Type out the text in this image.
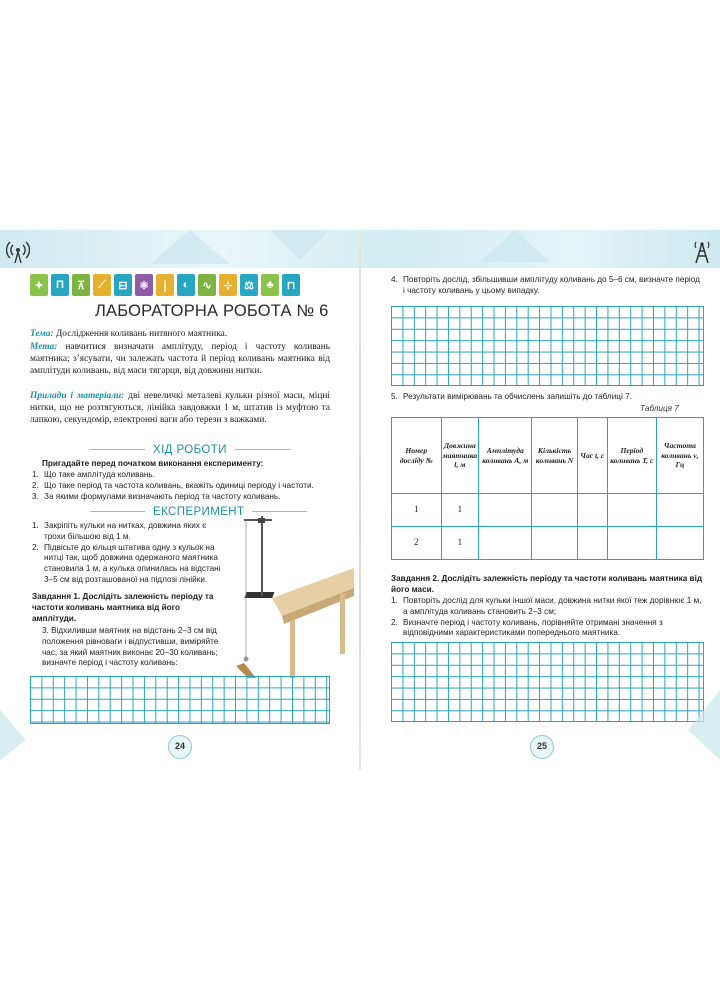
✦	Π	⊼	⟋	⊟	⚛	❘	◐	∿	⊹	⚖	♣	⊓
ЛАБОРАТОРНА РОБОТА № 6
Тема: Дослідження коливань нитяного маятника.
Мета: навчитися визначати амплітуду, період і частоту коливань маятника; з’ясувати, чи залежать частота й період коливань маятника від амплітуди коливань, від маси тягарця, від довжини нитки.
Прилади і матеріали: дві невеличкі металеві кульки різної маси, міцні нитки, що не розтягуються, лінійка завдовжки 1 м, штатив із муфтою та лапкою, секундомір, електронні ваги або терези з важками.
ХІД РОБОТИ
Пригадайте перед початком виконання експерименту:
1. Що таке амплітуда коливань.
2. Що таке період та частота коливань, вкажіть одиниці періоду і частоти.
3. За якими формулами визначають період та частоту коливань.
ЕКСПЕРИМЕНТ
1. Закріпіть кульки на нитках, довжина яких є трохи більшою від 1 м.
2. Підвісьте до кільця штатива одну з кульок на нитці так, щоб довжина одержаного маятника становила 1 м, а кулька опинилась на відстані 3–5 см від розташованої на підлозі лінійки.
Завдання 1. Дослідіть залежність періоду та частоти коливань маятника від його амплітуди.
3. Відхиливши маятник на відстань 2–3 см від положення рівноваги і відпустивши, виміряйте час, за який маятник виконає 20–30 коливань; визначте період і частоту коливань:
24
4. Повторіть дослід, збільшивши амплітуду коливань до 5–6 см, визначте період і частоту коливань у цьому випадку.
5. Результати вимірювань та обчислень запишіть до таблиці 7.
Таблиця 7
Номер досліду №	Довжина маятника l, м	Амплітуда коливань A, м	Кількість коливань N	Час t, с	Період коливань T, с	Частота коливань ν, Гц
1	1					
2	1					
Завдання 2. Дослідіть залежність періоду та частоти коливань маятника від його маси.
1. Повторіть дослід для кульки іншої маси, довжина нитки якої теж дорівнює 1 м, а амплітуда коливань становить 2–3 см;
2. Визначте період і частоту коливань, порівняйте отримані значення з відповідними характеристиками попереднього маятника.
25
